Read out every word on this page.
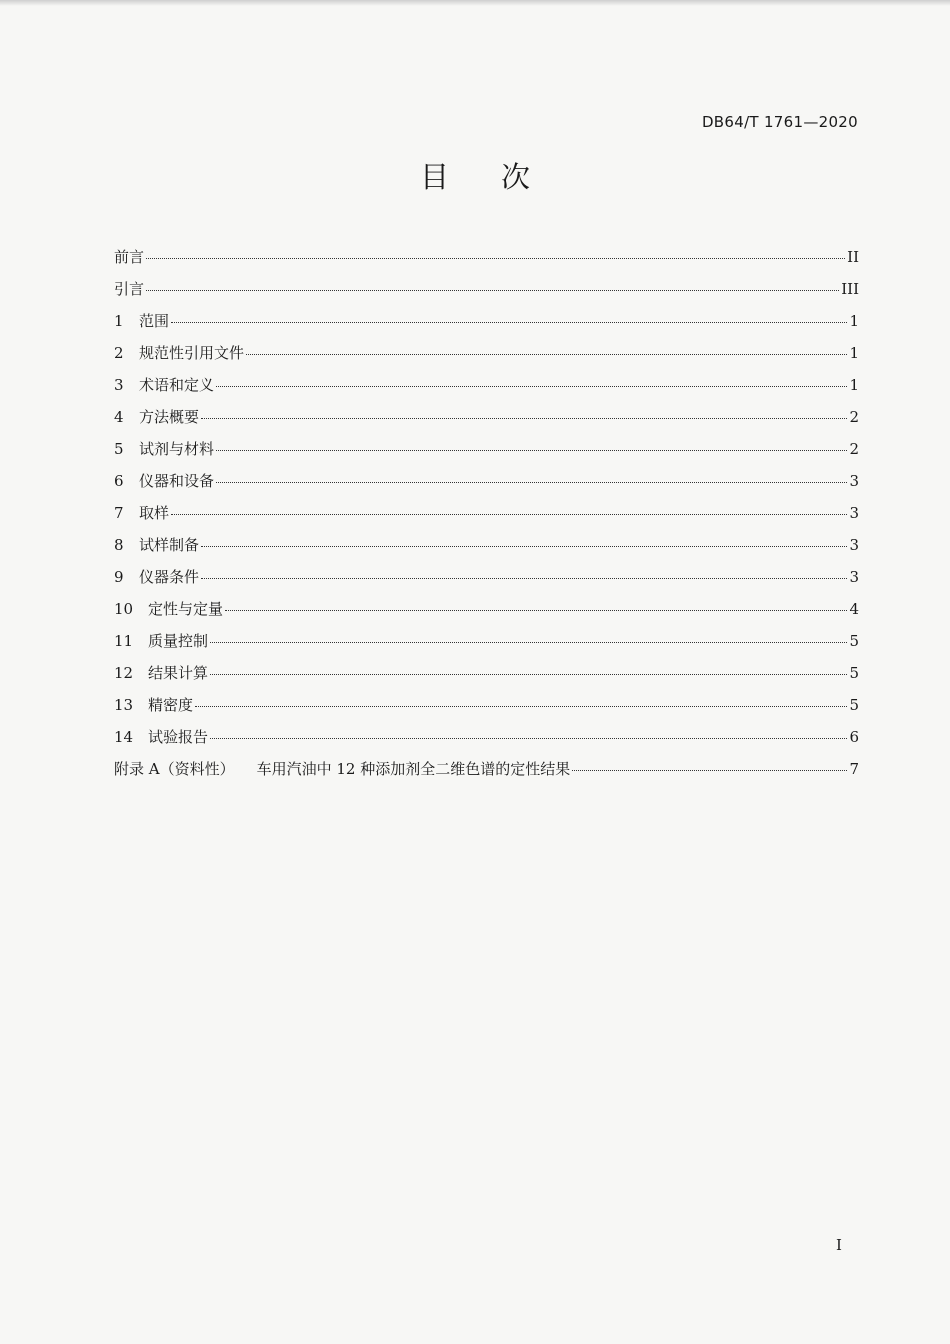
DB64/T 1761—2020
目次
前言	II
引言	III
1	范围	1
2	规范性引用文件	1
3	术语和定义	1
4	方法概要	2
5	试剂与材料	2
6	仪器和设备	3
7	取样	3
8	试样制备	3
9	仪器条件	3
10 定性与定量	4
11 质量控制	5
12 结果计算	5
13 精密度	5
14 试验报告	6
附录 A（资料性） 车用汽油中 12 种添加剂全二维色谱的定性结果	7
I
